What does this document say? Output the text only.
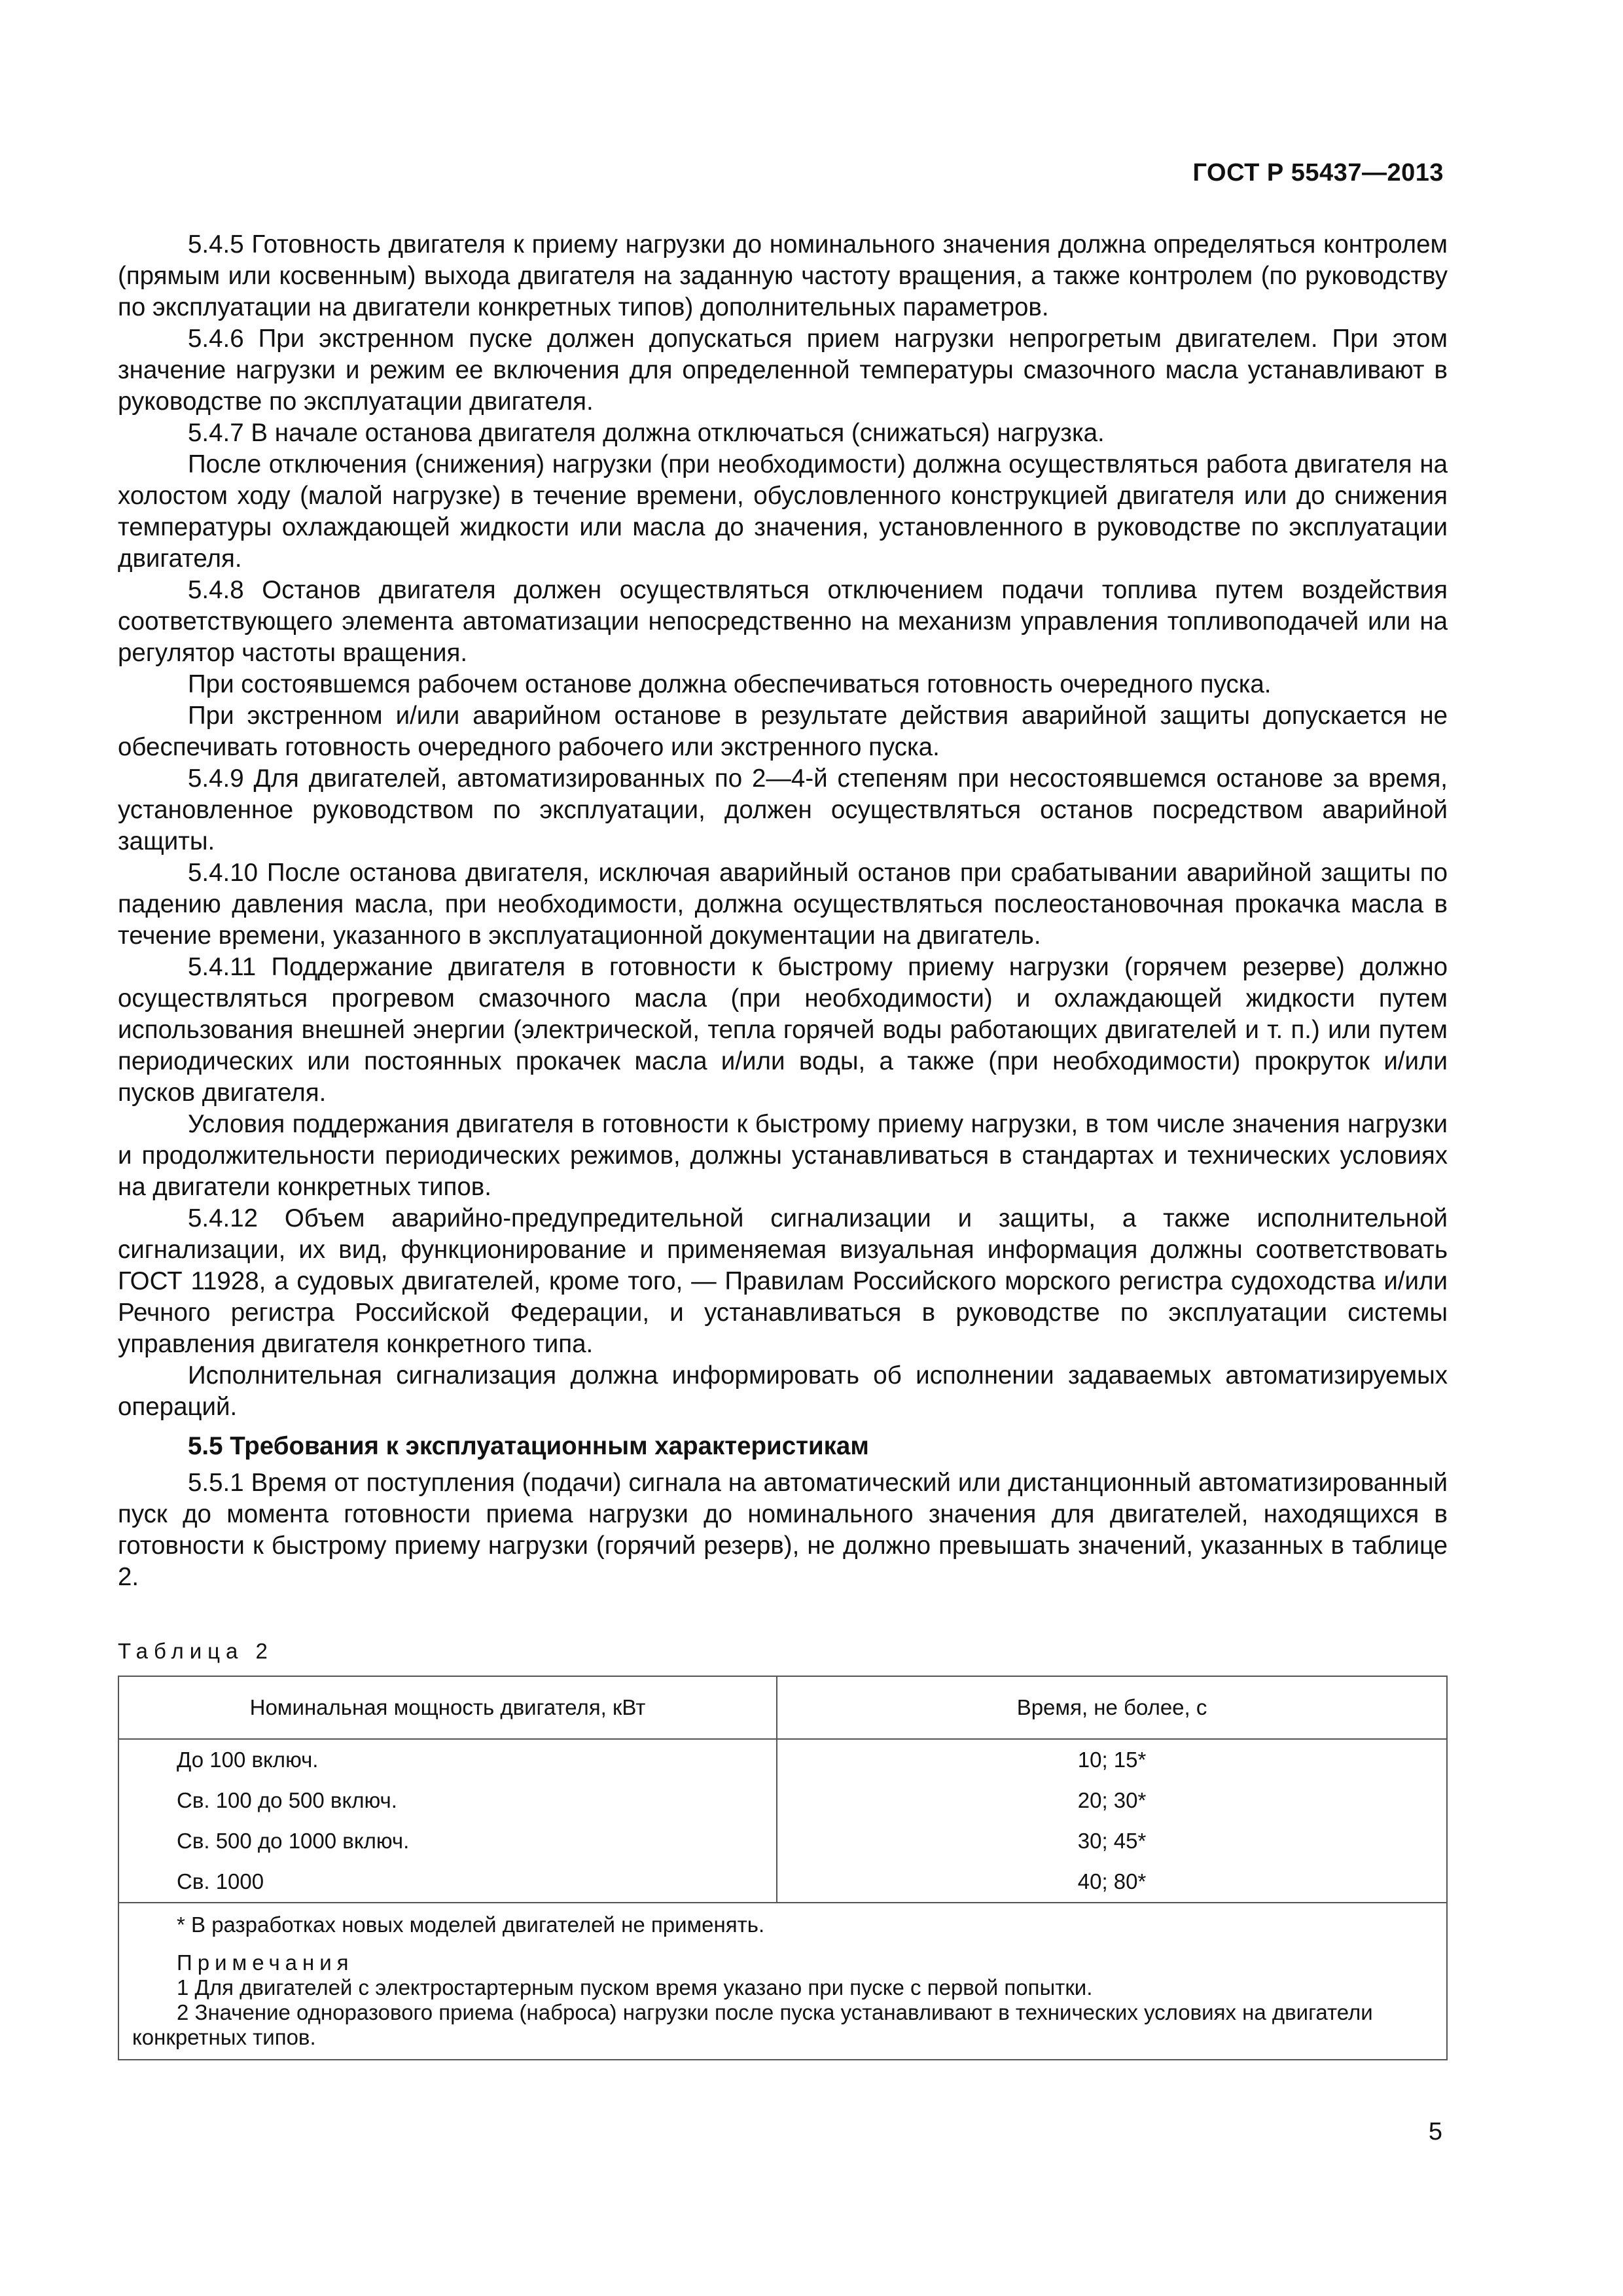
ГОСТ Р 55437—2013

5.4.5 Готовность двигателя к приему нагрузки до номинального значения должна определяться контролем (прямым или косвенным) выхода двигателя на заданную частоту вращения, а также контролем (по руководству по эксплуатации на двигатели конкретных типов) дополнительных параметров.

5.4.6 При экстренном пуске должен допускаться прием нагрузки непрогретым двигателем. При этом значение нагрузки и режим ее включения для определенной температуры смазочного масла устанавливают в руководстве по эксплуатации двигателя.

5.4.7 В начале останова двигателя должна отключаться (снижаться) нагрузка.

После отключения (снижения) нагрузки (при необходимости) должна осуществляться работа двигателя на холостом ходу (малой нагрузке) в течение времени, обусловленного конструкцией двигателя или до снижения температуры охлаждающей жидкости или масла до значения, установленного в руководстве по эксплуатации двигателя.

5.4.8 Останов двигателя должен осуществляться отключением подачи топлива путем воздействия соответствующего элемента автоматизации непосредственно на механизм управления топливоподачей или на регулятор частоты вращения.

При состоявшемся рабочем останове должна обеспечиваться готовность очередного пуска.

При экстренном и/или аварийном останове в результате действия аварийной защиты допускается не обеспечивать готовность очередного рабочего или экстренного пуска.

5.4.9 Для двигателей, автоматизированных по 2—4-й степеням при несостоявшемся останове за время, установленное руководством по эксплуатации, должен осуществляться останов посредством аварийной защиты.

5.4.10 После останова двигателя, исключая аварийный останов при срабатывании аварийной защиты по падению давления масла, при необходимости, должна осуществляться послеостановочная прокачка масла в течение времени, указанного в эксплуатационной документации на двигатель.

5.4.11 Поддержание двигателя в готовности к быстрому приему нагрузки (горячем резерве) должно осуществляться прогревом смазочного масла (при необходимости) и охлаждающей жидкости путем использования внешней энергии (электрической, тепла горячей воды работающих двигателей и т. п.) или путем периодических или постоянных прокачек масла и/или воды, а также (при необходимости) прокруток и/или пусков двигателя.

Условия поддержания двигателя в готовности к быстрому приему нагрузки, в том числе значения нагрузки и продолжительности периодических режимов, должны устанавливаться в стандартах и технических условиях на двигатели конкретных типов.

5.4.12 Объем аварийно-предупредительной сигнализации и защиты, а также исполнительной сигнализации, их вид, функционирование и применяемая визуальная информация должны соответствовать ГОСТ 11928, а судовых двигателей, кроме того, — Правилам Российского морского регистра судоходства и/или Речного регистра Российской Федерации, и устанавливаться в руководстве по эксплуатации системы управления двигателя конкретного типа.

Исполнительная сигнализация должна информировать об исполнении задаваемых автоматизируемых операций.

5.5 Требования к эксплуатационным характеристикам

5.5.1 Время от поступления (подачи) сигнала на автоматический или дистанционный автоматизированный пуск до момента готовности приема нагрузки до номинального значения для двигателей, находящихся в готовности к быстрому приему нагрузки (горячий резерв), не должно превышать значений, указанных в таблице 2.

Таблица 2
Номинальная мощность двигателя, кВт	Время, не более, с
До 100 включ.	10; 15*
Св. 100 до 500 включ.	20; 30*
Св. 500 до 1000 включ.	30; 45*
Св. 1000	40; 80*

* В разработках новых моделей двигателей не применять.
Примечания
1 Для двигателей с электростартерным пуском время указано при пуске с первой попытки.
2 Значение одноразового приема (наброса) нагрузки после пуска устанавливают в технических условиях на двигатели конкретных типов.	
5
